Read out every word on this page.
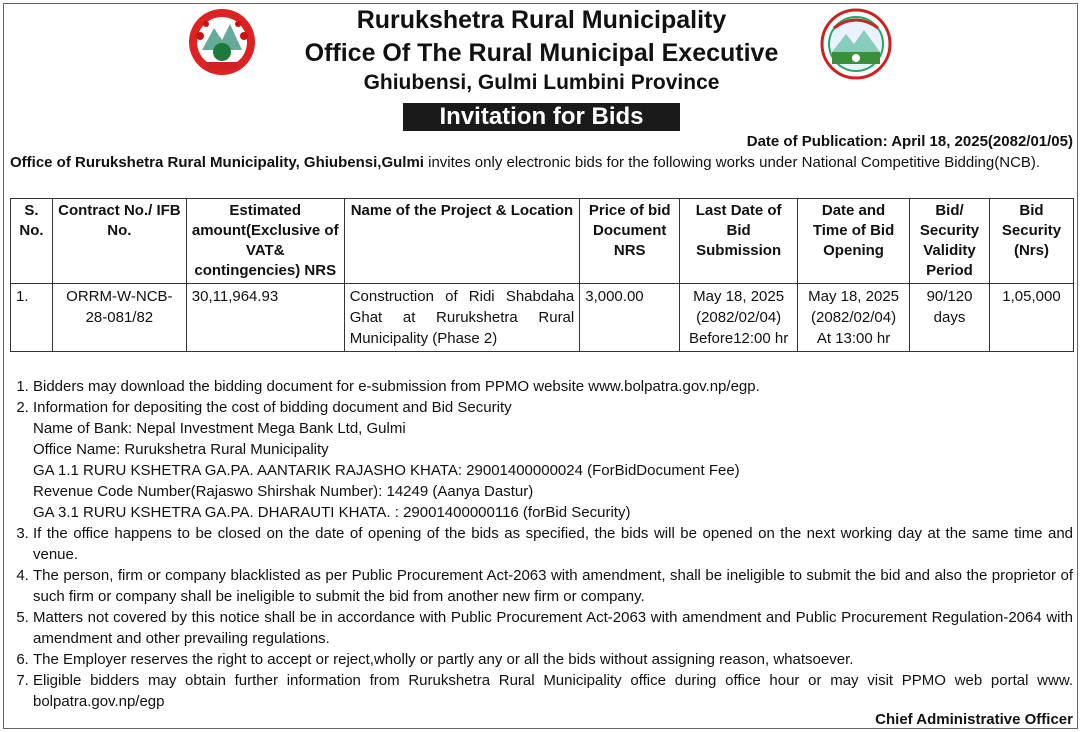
Rurukshetra Rural Municipality
Office Of The Rural Municipal Executive
Ghiubensi, Gulmi Lumbini Province
Invitation for Bids
Date of Publication: April 18, 2025(2082/01/05)
Office of Rurukshetra Rural Municipality, Ghiubensi,Gulmi invites only electronic bids for the following works under National Competitive Bidding(NCB).
S. No.	Contract No./ IFB No.	Estimated amount(Exclusive of VAT& contingencies) NRS	Name of the Project & Location	Price of bid Document NRS	Last Date of Bid Submission	Date and Time of Bid Opening	Bid/ Security Validity Period	Bid Security (Nrs)
1.	ORRM-W-NCB-28-081/82	30,11,964.93	Construction of Ridi Shabdaha Ghat at Rurukshetra Rural Municipality (Phase 2)	3,000.00	May 18, 2025 (2082/02/04) Before12:00 hr	May 18, 2025 (2082/02/04) At 13:00 hr	90/120 days	1,05,000
1. Bidders may download the bidding document for e-submission from PPMO website www.bolpatra.gov.np/egp.
2. Information for depositing the cost of bidding document and Bid Security
Name of Bank: Nepal Investment Mega Bank Ltd, Gulmi
Office Name: Rurukshetra Rural Municipality
GA 1.1 RURU KSHETRA GA.PA. AANTARIK RAJASHO KHATA: 29001400000024 (ForBidDocument Fee)
Revenue Code Number(Rajaswo Shirshak Number): 14249 (Aanya Dastur)
GA 3.1 RURU KSHETRA GA.PA. DHARAUTI KHATA. : 29001400000116 (forBid Security)
3. If the office happens to be closed on the date of opening of the bids as specified, the bids will be opened on the next working day at the same time and venue.
4. The person, firm or company blacklisted as per Public Procurement Act-2063 with amendment, shall be ineligible to submit the bid and also the proprietor of such firm or company shall be ineligible to submit the bid from another new firm or company.
5. Matters not covered by this notice shall be in accordance with Public Procurement Act-2063 with amendment and Public Procurement Regulation-2064 with amendment and other prevailing regulations.
6. The Employer reserves the right to accept or reject,wholly or partly any or all the bids without assigning reason, whatsoever.
7. Eligible bidders may obtain further information from Rurukshetra Rural Municipality office during office hour or may visit PPMO web portal www. bolpatra.gov.np/egp
Chief Administrative Officer
